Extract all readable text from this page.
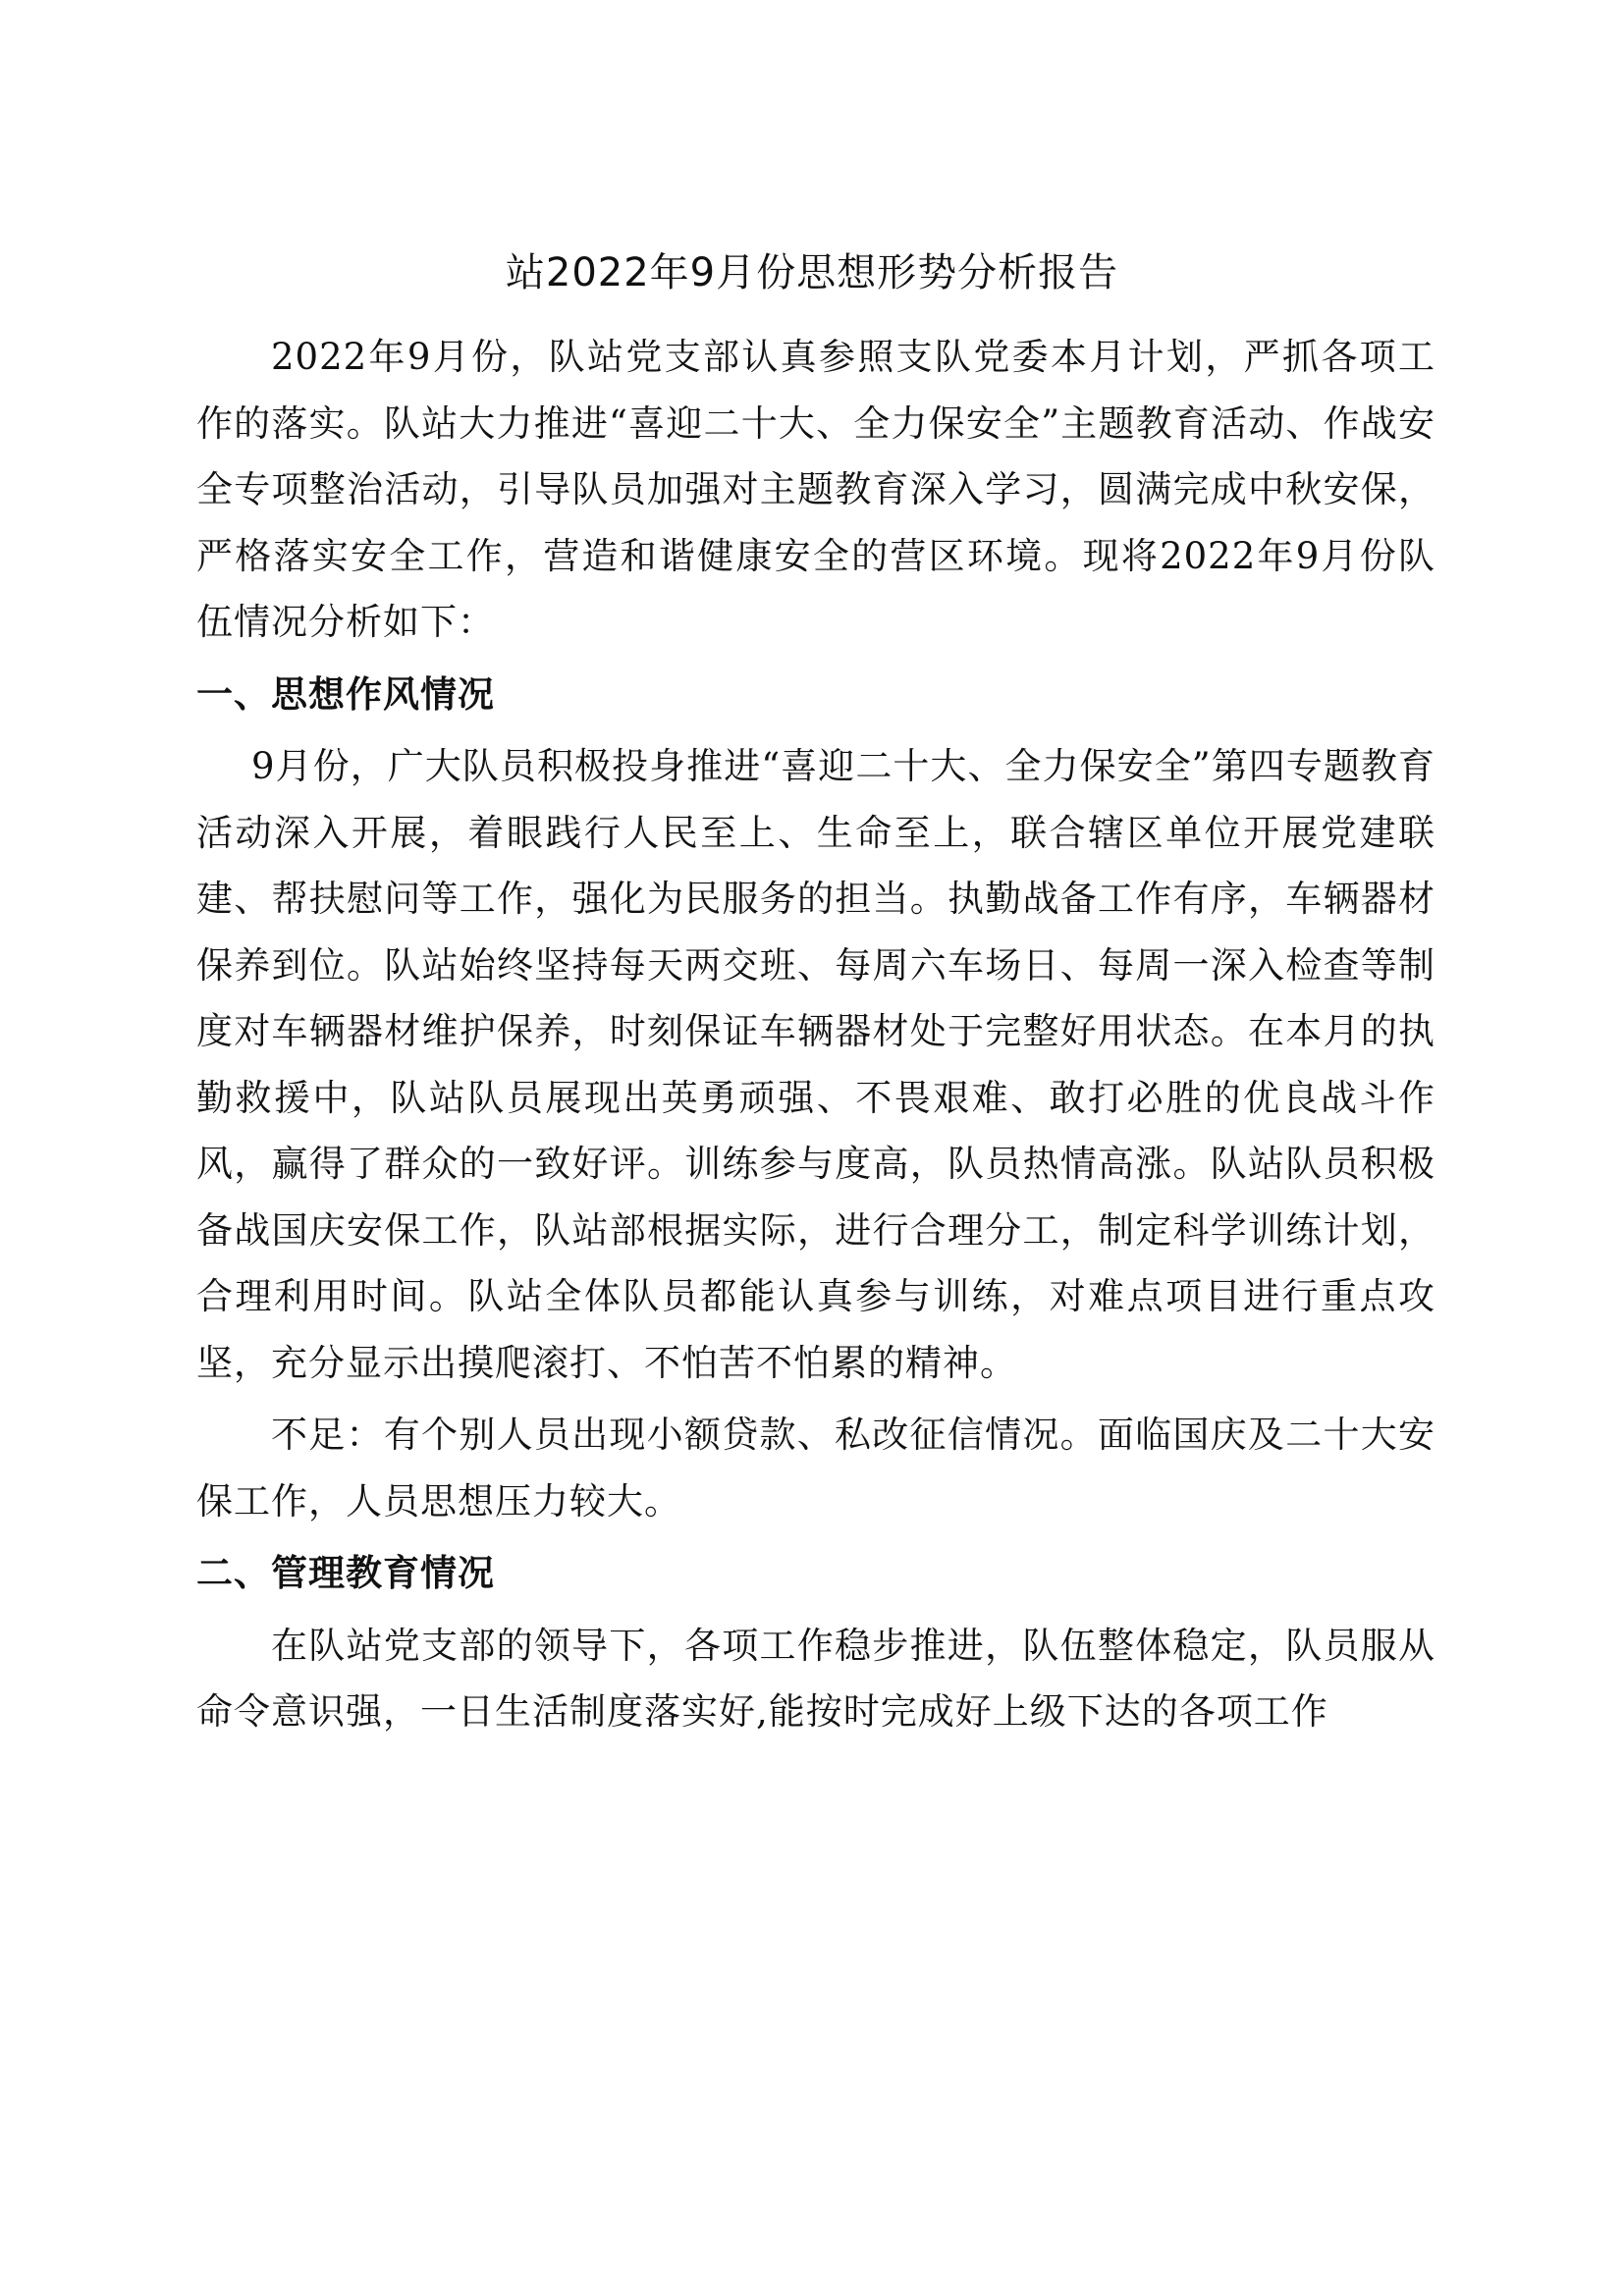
站2022年9月份思想形势分析报告

2022年9月份，队站党支部认真参照支队党委本月计划，严抓各项工作的落实。队站大力推进“喜迎二十大、全力保安全”主题教育活动、作战安全专项整治活动，引导队员加强对主题教育深入学习，圆满完成中秋安保，严格落实安全工作，营造和谐健康安全的营区环境。现将2022年9月份队伍情况分析如下：

一、思想作风情况

9月份，广大队员积极投身推进“喜迎二十大、全力保安全”第四专题教育活动深入开展，着眼践行人民至上、生命至上，联合辖区单位开展党建联建、帮扶慰问等工作，强化为民服务的担当。执勤战备工作有序，车辆器材保养到位。队站始终坚持每天两交班、每周六车场日、每周一深入检查等制度对车辆器材维护保养，时刻保证车辆器材处于完整好用状态。在本月的执勤救援中，队站队员展现出英勇顽强、不畏艰难、敢打必胜的优良战斗作风，赢得了群众的一致好评。训练参与度高，队员热情高涨。队站队员积极备战国庆安保工作，队站部根据实际，进行合理分工，制定科学训练计划，合理利用时间。队站全体队员都能认真参与训练，对难点项目进行重点攻坚，充分显示出摸爬滚打、不怕苦不怕累的精神。

不足：有个别人员出现小额贷款、私改征信情况。面临国庆及二十大安保工作，人员思想压力较大。

二、管理教育情况

在队站党支部的领导下，各项工作稳步推进，队伍整体稳定，队员服从命令意识强，一日生活制度落实好,能按时完成好上级下达的各项工作
